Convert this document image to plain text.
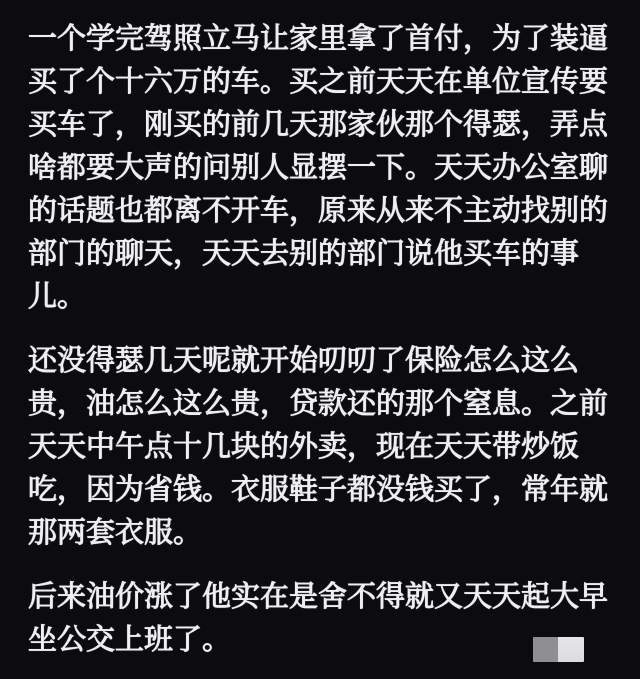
一个学完驾照立马让家里拿了首付，为了装逼
买了个十六万的车。买之前天天在单位宣传要
买车了，刚买的前几天那家伙那个得瑟，弄点
啥都要大声的问别人显摆一下。天天办公室聊
的话题也都离不开车，原来从来不主动找别的
部门的聊天，天天去别的部门说他买车的事
儿。

还没得瑟几天呢就开始叨叨了保险怎么这么
贵，油怎么这么贵，贷款还的那个窒息。之前
天天中午点十几块的外卖，现在天天带炒饭
吃，因为省钱。衣服鞋子都没钱买了，常年就
那两套衣服。

后来油价涨了他实在是舍不得就又天天起大早
坐公交上班了。
